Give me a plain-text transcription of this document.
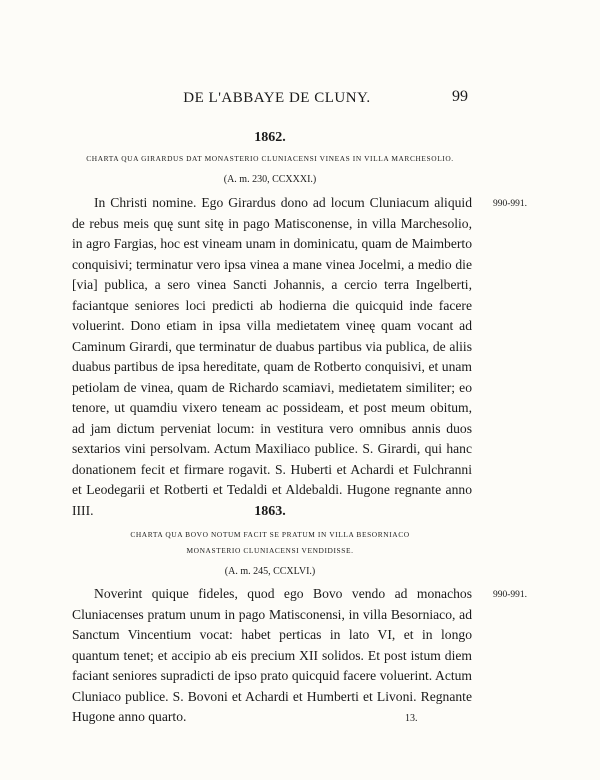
DE L'ABBAYE DE CLUNY.	99
1862.
CHARTA QUA GIRARDUS DAT MONASTERIO CLUNIACENSI VINEAS IN VILLA MARCHESOLIO.
(A. m. 230, CCXXXI.)
990-991.

In Christi nomine. Ego Girardus dono ad locum Cluniacum aliquid de rebus meis quę sunt sitę in pago Matisconense, in villa Marchesolio, in agro Fargias, hoc est vineam unam in dominicatu, quam de Maimberto conquisivi; terminatur vero ipsa vinea a mane vinea Jocelmi, a medio die [via] publica, a sero vinea Sancti Johannis, a cercio terra Ingelberti, faciantque seniores loci predicti ab hodierna die quicquid inde facere voluerint. Dono etiam in ipsa villa medietatem vineę quam vocant ad Caminum Girardi, que terminatur de duabus partibus via publica, de aliis duabus partibus de ipsa hereditate, quam de Rotberto conquisivi, et unam petiolam de vinea, quam de Richardo scamiavi, medietatem similiter; eo tenore, ut quamdiu vixero teneam ac possideam, et post meum obitum, ad jam dictum perveniat locum: in vestitura vero omnibus annis duos sextarios vini persolvam. Actum Maxiliaco publice. S. Girardi, qui hanc donationem fecit et firmare rogavit. S. Huberti et Achardi et Fulchranni et Leodegarii et Rotberti et Tedaldi et Aldebaldi. Hugone regnante anno IIII.	1863.
CHARTA QUA BOVO NOTUM FACIT SE PRATUM IN VILLA BESORNIACO
MONASTERIO CLUNIACENSI VENDIDISSE.
(A. m. 245, CCXLVI.)
990-991.

Noverint quique fideles, quod ego Bovo vendo ad monachos Cluniacenses pratum unum in pago Matisconensi, in villa Besorniaco, ad Sanctum Vincentium vocat: habet perticas in lato VI, et in longo quantum tenet; et accipio ab eis precium XII solidos. Et post istum diem faciant seniores supradicti de ipso prato quicquid facere voluerint. Actum Cluniaco publice. S. Bovoni et Achardi et Humberti et Livoni. Regnante Hugone anno quarto.	13.
